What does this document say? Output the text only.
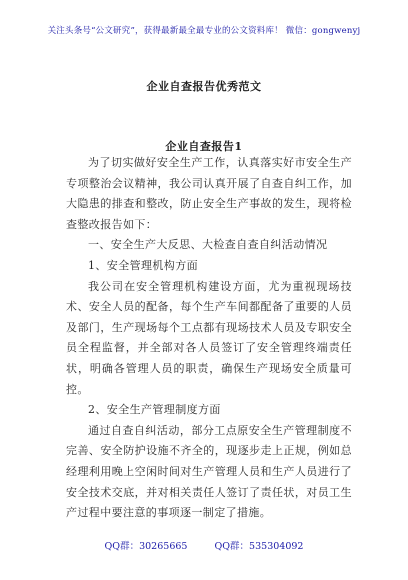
关注头条号“公文研究”，获得最新最全最专业的公文资料库！ 微信：gongwenyj
企业自查报告优秀范文
企业自查报告1

为了切实做好安全生产工作，认真落实好市安全生产专项整治会议精神，我公司认真开展了自查自纠工作，加大隐患的排查和整改，防止安全生产事故的发生，现将检查整改报告如下：

一、安全生产大反思、大检查自查自纠活动情况

1、安全管理机构方面

我公司在安全管理机构建设方面，尤为重视现场技术、安全人员的配备，每个生产车间都配备了重要的人员及部门，生产现场每个工点都有现场技术人员及专职安全员全程监督，并全部对各人员签订了安全管理终端责任状，明确各管理人员的职责，确保生产现场安全质量可控。

2、安全生产管理制度方面

通过自查自纠活动，部分工点原安全生产管理制度不完善、安全防护设施不齐全的，现逐步走上正规，例如总经理利用晚上空闲时间对生产管理人员和生产人员进行了安全技术交底，并对相关责任人签订了责任状，对员工生产过程中要注意的事项逐一制定了措施。

QQ群：30265665	QQ群：535304092
